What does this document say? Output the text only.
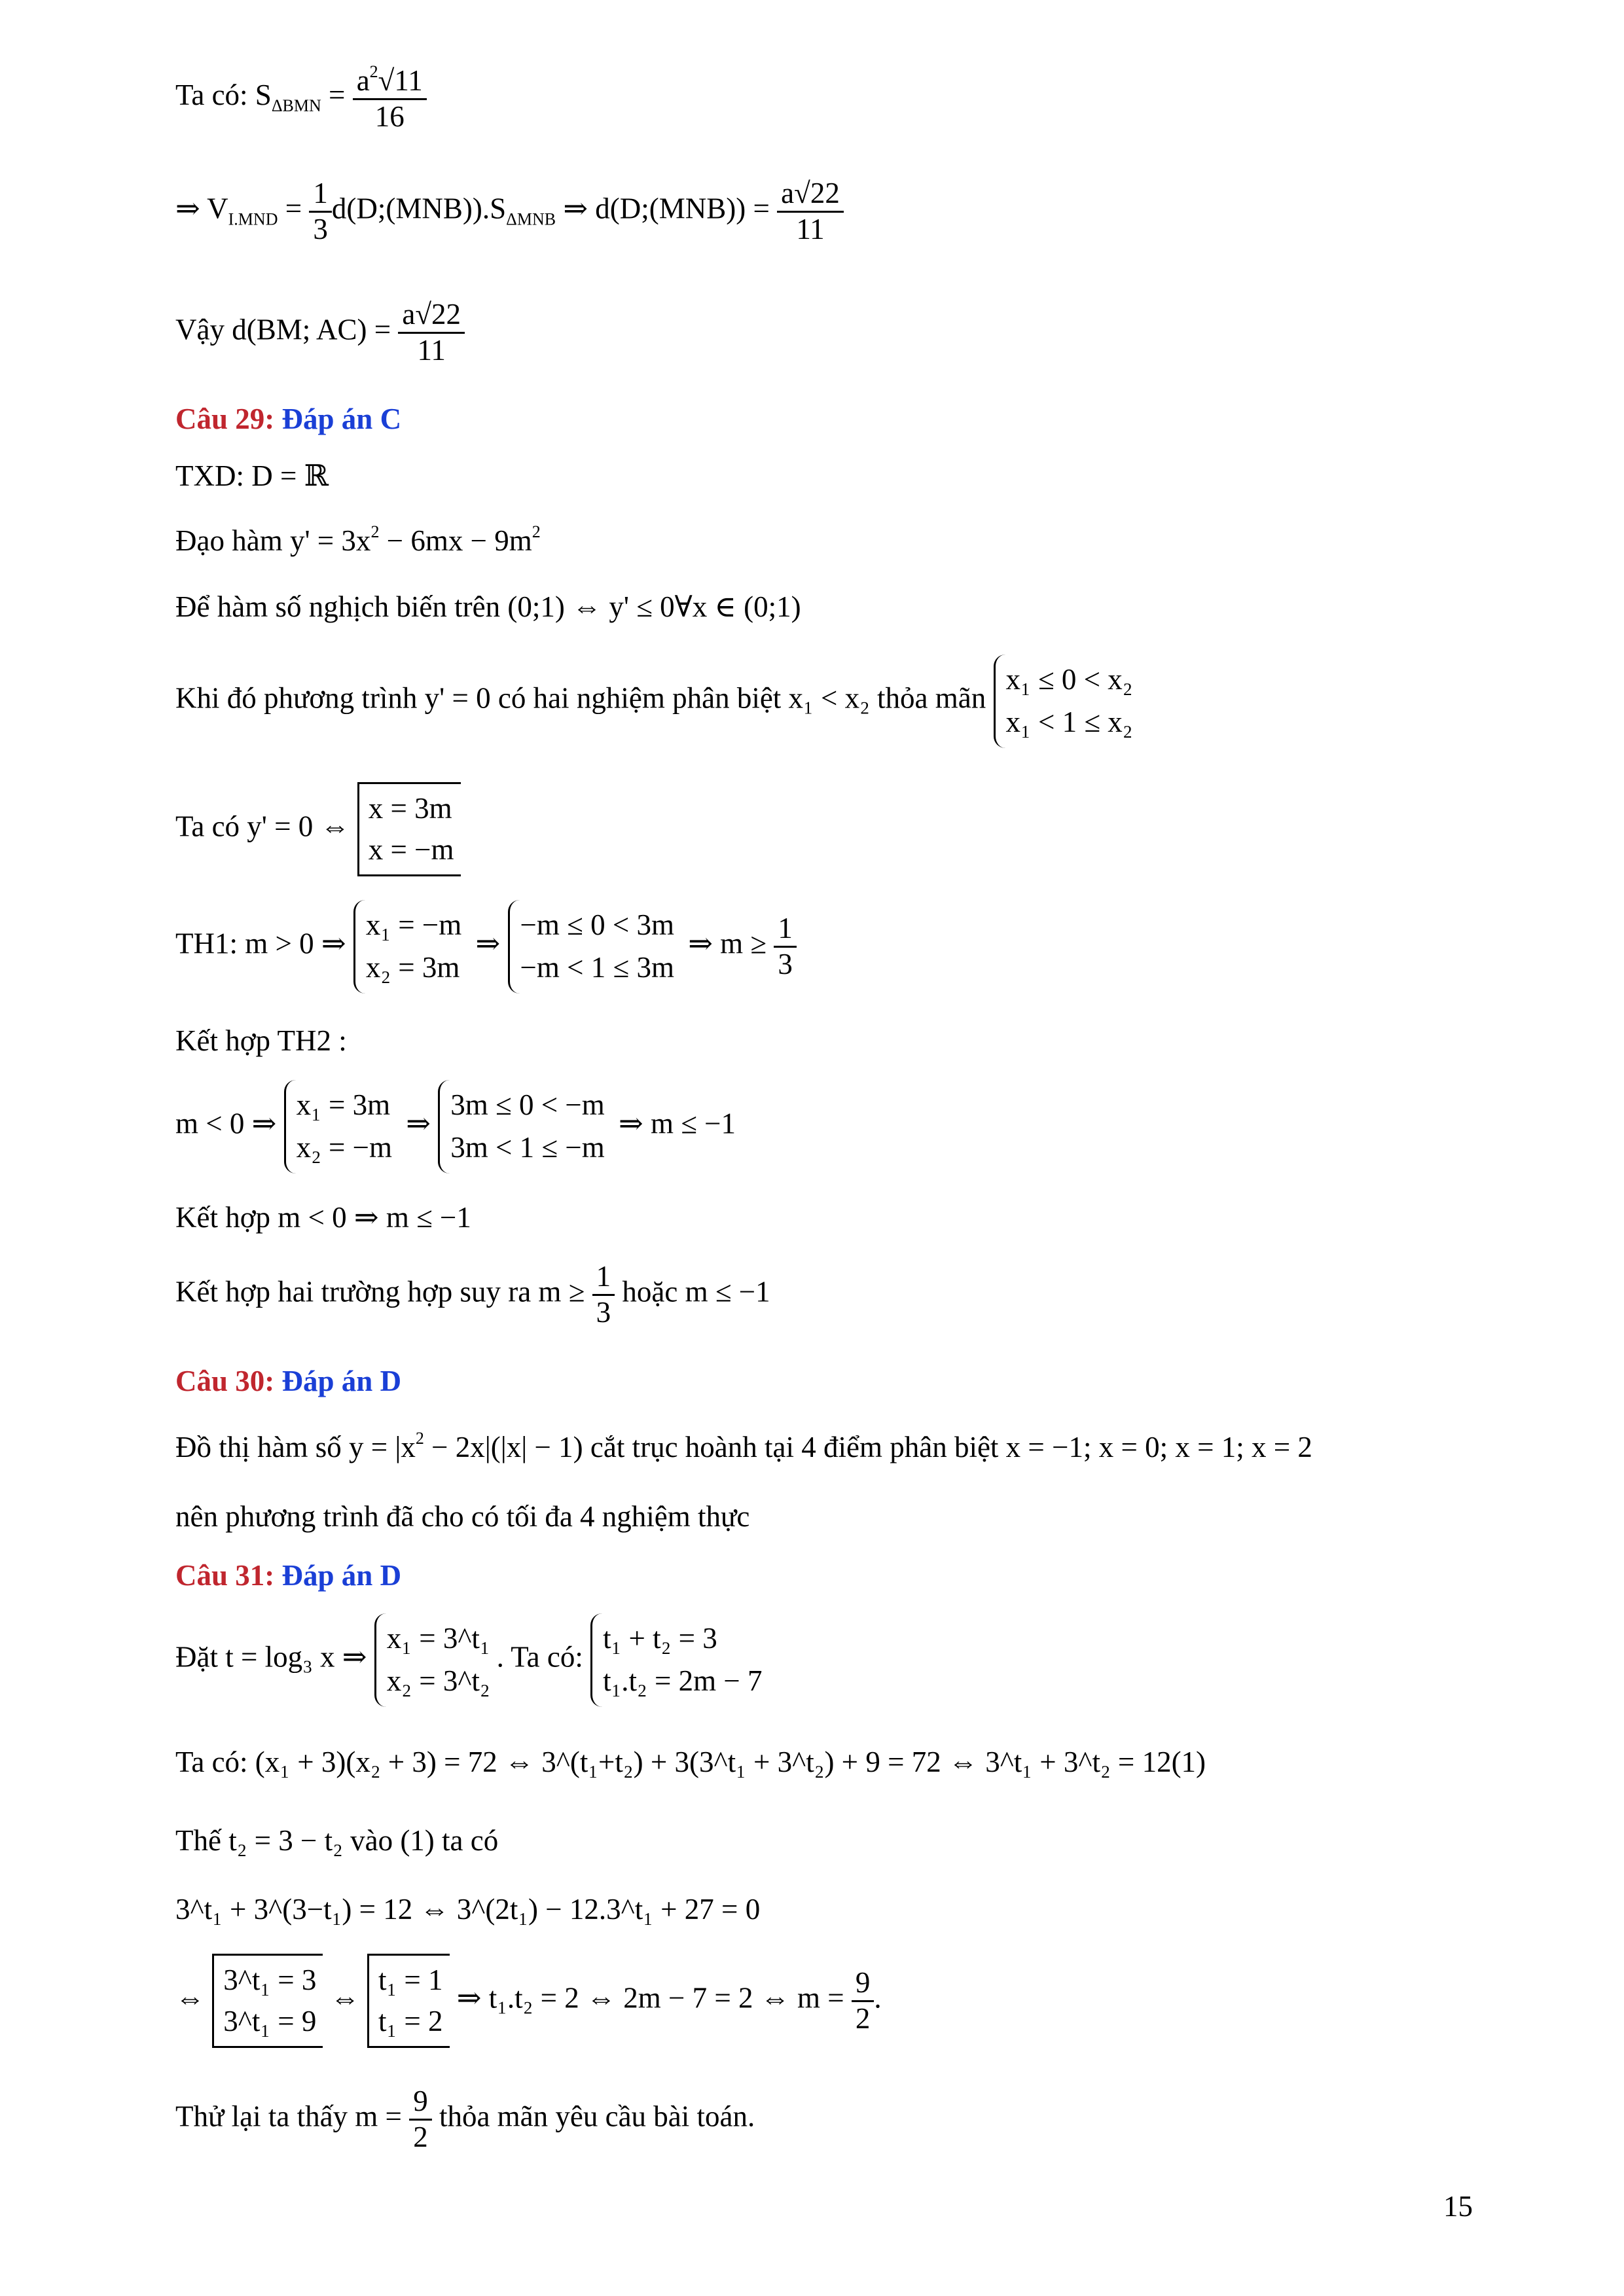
Ta có: $S_{\Delta BMN} = \frac{a^2√11}{16}$
⇒ $V_{I.MND} = \frac{1}{3}$ $d(D;(MNB)).S_{\Delta MNB}$ ⇒ d(D;(MNB)) = $\frac{a√22}{11}$
Vậy d(BM; $AC) = \frac{a√22}{11}$
Câu 29: Đáp án C
TXD: D = ℝ
Đạo hàm $y' = 3x^2 - 6mx - 9m^2$
Để hàm số nghịch biến trên (0;1) ⇔ y' ≤ 0∀x ∈ (0;1)
Khi đó phương trình y' = 0 có hai nghiệm phân biệt x₁ < x₂ thỏa mãn
x₁ ≤ 0 < x₂
x₁ < 1 ≤ x₂
Ta có y' = 0 ⇔
x = 3m
x = −m
TH1: m > 0 ⇒
x₁ = −m
x₂ = 3m
⇒
−m ≤ 0 < 3m
−m < 1 ≤ 3m
⇒ $m \ge \frac{1}{3}$
Kết hợp TH2 :
m < 0 ⇒
x₁ = 3m
x₂ = −m
⇒
3m ≤ 0 < −m
3m < 1 ≤ −m
⇒ m ≤ −1
Kết hợp m < 0 ⇒ m ≤ −1
Kết hợp hai trường hợp suy ra $m \ge \frac{1}{3}$ hoặc m ≤ −1
Câu 30: Đáp án D
Đồ thị hàm số $y = |x^2 - 2x|(|x| - 1)$ cắt trục hoành tại 4 điểm phân biệt x = −1; x = 0; x = 1; x = 2
nên phương trình đã cho có tối đa 4 nghiệm thực
Câu 31: Đáp án D
Đặt t = log₃ x ⇒
x₁ = 3^t₁
x₂ = 3^t₂
. Ta có:
t₁ + t₂ = 3
t₁.t₂ = 2m − 7
Ta có: (x₁ + 3)(x₂ + 3) = 72 ⇔ 3^(t₁+t₂) + 3(3^t₁ + 3^t₂) + 9 = 72 ⇔ 3^t₁ + 3^t₂ = 12(1)
Thế t₂ = 3 − t₂ vào (1) ta có
3^t₁ + 3^(3−t₁) = 12 ⇔ 3^(2t₁) − 12.3^t₁ + 27 = 0
⇔
3^t₁ = 3
3^t₁ = 9
⇔
t₁ = 1
t₁ = 2
⇒ t₁.t₂ = 2 ⇔ 2m − 7 = 2 ⇔ $m = \frac{9}{2}$ .
Thử lại ta thấy $m = \frac{9}{2}$ thỏa mãn yêu cầu bài toán.
15
